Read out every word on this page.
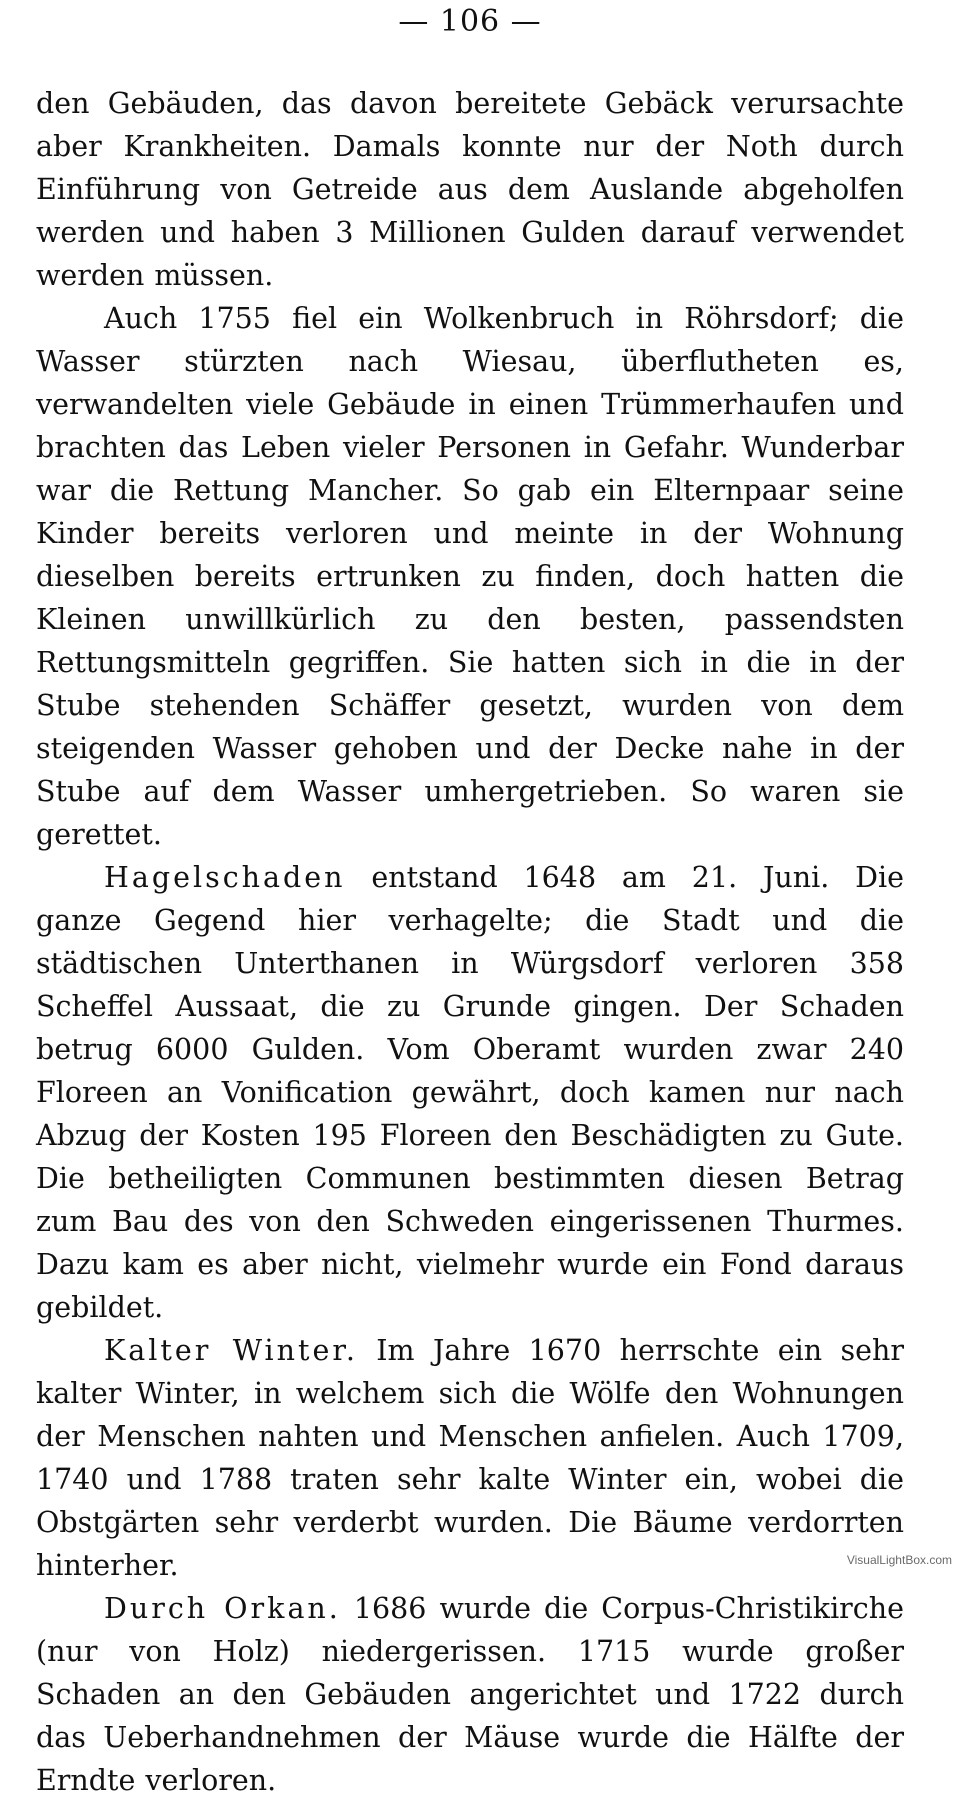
— 106 —

den Gebäuden, das davon bereitete Gebäck verursachte aber Krankheiten. Damals konnte nur der Noth durch Einführung von Getreide aus dem Auslande abgeholfen werden und haben 3 Millionen Gulden darauf verwendet werden müssen.

Auch 1755 fiel ein Wolkenbruch in Röhrsdorf; die Wasser stürzten nach Wiesau, überflutheten es, verwandelten viele Gebäude in einen Trümmerhaufen und brachten das Leben vieler Personen in Gefahr. Wunderbar war die Rettung Mancher. So gab ein Elternpaar seine Kinder bereits verloren und meinte in der Wohnung dieselben bereits ertrunken zu finden, doch hatten die Kleinen unwillkürlich zu den besten, passendsten Rettungsmitteln gegriffen. Sie hatten sich in die in der Stube stehenden Schäffer gesetzt, wurden von dem steigenden Wasser gehoben und der Decke nahe in der Stube auf dem Wasser umhergetrieben. So waren sie gerettet.

Hagelschaden entstand 1648 am 21. Juni. Die ganze Gegend hier verhagelte; die Stadt und die städtischen Unterthanen in Würgsdorf verloren 358 Scheffel Aussaat, die zu Grunde gingen. Der Schaden betrug 6000 Gulden. Vom Oberamt wurden zwar 240 Floreen an Vonification gewährt, doch kamen nur nach Abzug der Kosten 195 Floreen den Beschädigten zu Gute. Die betheiligten Communen bestimmten diesen Betrag zum Bau des von den Schweden eingerissenen Thurmes. Dazu kam es aber nicht, vielmehr wurde ein Fond daraus gebildet.

Kalter Winter. Im Jahre 1670 herrschte ein sehr kalter Winter, in welchem sich die Wölfe den Wohnungen der Menschen nahten und Menschen anfielen. Auch 1709, 1740 und 1788 traten sehr kalte Winter ein, wobei die Obstgärten sehr verderbt wurden. Die Bäume verdorrten hinterher.

Durch Orkan. 1686 wurde die Corpus-Christikirche (nur von Holz) niedergerissen. 1715 wurde großer Schaden an den Gebäuden angerichtet und 1722 durch das Ueberhandnehmen der Mäuse wurde die Hälfte der Erndte verloren.

VisualLightBox.com
